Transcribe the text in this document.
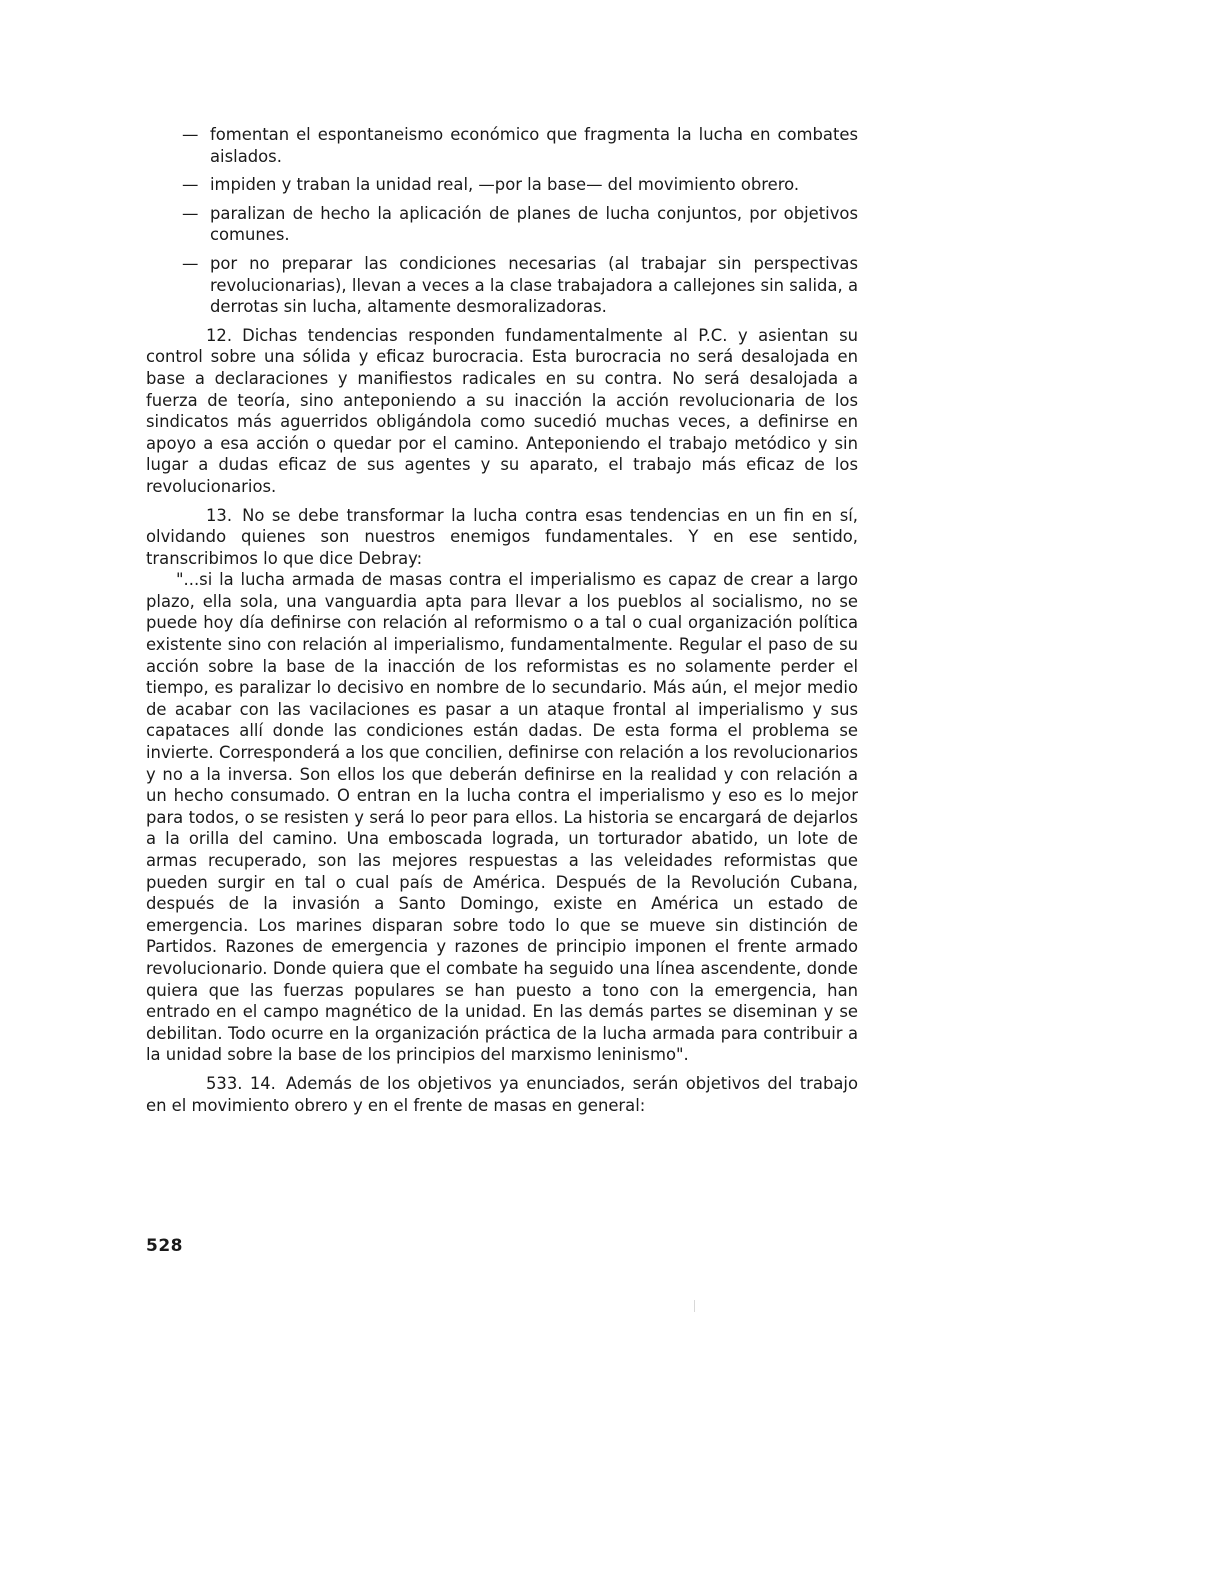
— fomentan el espontaneismo económico que fragmenta la lucha en combates aislados.
— impiden y traban la unidad real, —por la base— del movimiento obrero.
— paralizan de hecho la aplicación de planes de lucha conjuntos, por objetivos comunes.
— por no preparar las condiciones necesarias (al trabajar sin perspectivas revolucionarias), llevan a veces a la clase trabajadora a callejones sin salida, a derrotas sin lucha, altamente desmoralizadoras.

12. Dichas tendencias responden fundamentalmente al P.C. y asientan su control sobre una sólida y eficaz burocracia. Esta burocracia no será desalojada en base a declaraciones y manifiestos radicales en su contra. No será desalojada a fuerza de teoría, sino anteponiendo a su inacción la acción revolucionaria de los sindicatos más aguerridos obligándola como sucedió muchas veces, a definirse en apoyo a esa acción o quedar por el camino. Anteponiendo el trabajo metódico y sin lugar a dudas eficaz de sus agentes y su aparato, el trabajo más eficaz de los revolucionarios.

13. No se debe transformar la lucha contra esas tendencias en un fin en sí, olvidando quienes son nuestros enemigos fundamentales. Y en ese sentido, transcribimos lo que dice Debray:

"...si la lucha armada de masas contra el imperialismo es capaz de crear a largo plazo, ella sola, una vanguardia apta para llevar a los pueblos al socialismo, no se puede hoy día definirse con relación al reformismo o a tal o cual organización política existente sino con relación al imperialismo, fundamentalmente. Regular el paso de su acción sobre la base de la inacción de los reformistas es no solamente perder el tiempo, es paralizar lo decisivo en nombre de lo secundario. Más aún, el mejor medio de acabar con las vacilaciones es pasar a un ataque frontal al imperialismo y sus capataces allí donde las condiciones están dadas. De esta forma el problema se invierte. Corresponderá a los que concilien, definirse con relación a los revolucionarios y no a la inversa. Son ellos los que deberán definirse en la realidad y con relación a un hecho consumado. O entran en la lucha contra el imperialismo y eso es lo mejor para todos, o se resisten y será lo peor para ellos. La historia se encargará de dejarlos a la orilla del camino. Una emboscada lograda, un torturador abatido, un lote de armas recuperado, son las mejores respuestas a las veleidades reformistas que pueden surgir en tal o cual país de América. Después de la Revolución Cubana, después de la invasión a Santo Domingo, existe en América un estado de emergencia. Los marines disparan sobre todo lo que se mueve sin distinción de Partidos. Razones de emergencia y razones de principio imponen el frente armado revolucionario. Donde quiera que el combate ha seguido una línea ascendente, donde quiera que las fuerzas populares se han puesto a tono con la emergencia, han entrado en el campo magnético de la unidad. En las demás partes se diseminan y se debilitan. Todo ocurre en la organización práctica de la lucha armada para contribuir a la unidad sobre la base de los principios del marxismo leninismo".

533. 14. Además de los objetivos ya enunciados, serán objetivos del trabajo en el movimiento obrero y en el frente de masas en general:

528
